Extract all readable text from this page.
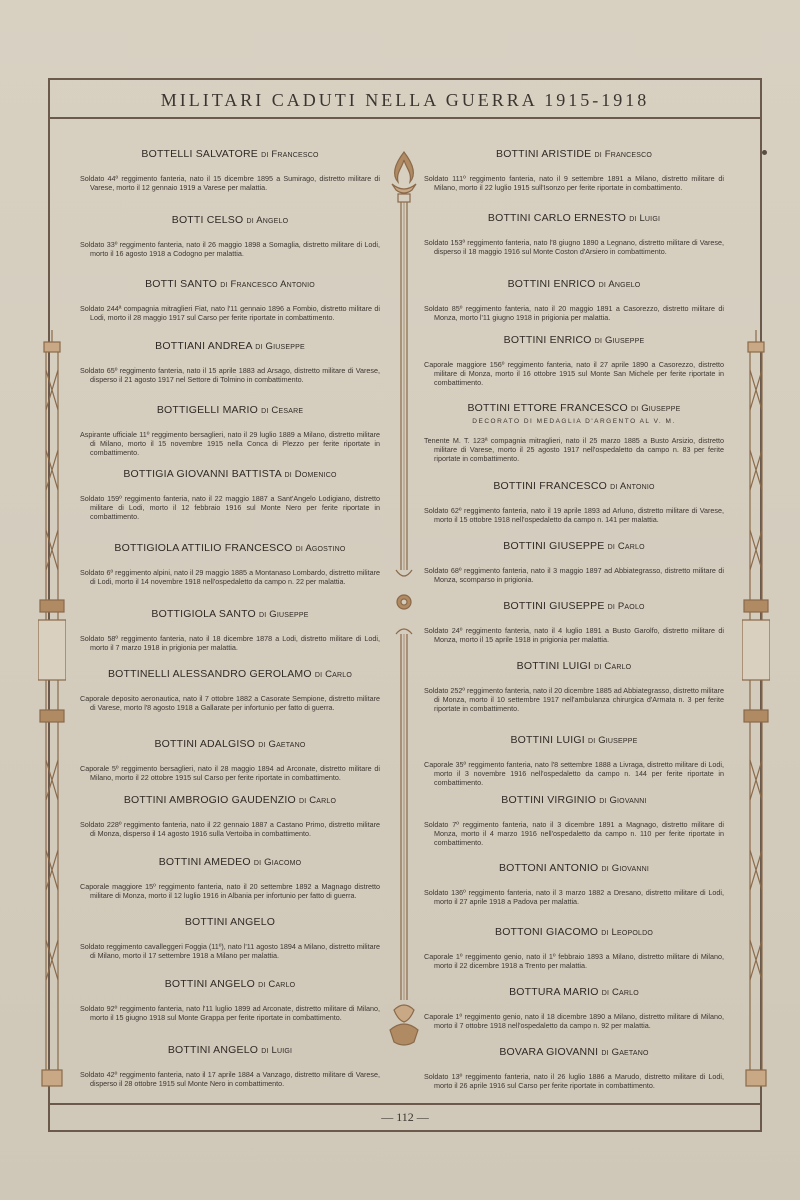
MILITARI CADUTI NELLA GUERRA 1915-1918
BOTTELLI SALVATORE di Francesco
Soldato 44º reggimento fanteria, nato il 15 dicembre 1895 a Sumirago, distretto militare di Varese, morto il 12 gennaio 1919 a Varese per malattia.
BOTTI CELSO di Angelo
Soldato 33º reggimento fanteria, nato il 26 maggio 1898 a Somaglia, distretto militare di Lodi, morto il 16 agosto 1918 a Codogno per malattia.
BOTTI SANTO di Francesco Antonio
Soldato 244ª compagnia mitraglieri Fiat, nato l'11 gennaio 1896 a Fombio, distretto militare di Lodi, morto il 28 maggio 1917 sul Carso per ferite riportate in combattimento.
BOTTIANI ANDREA di Giuseppe
Soldato 65º reggimento fanteria, nato il 15 aprile 1883 ad Arsago, distretto militare di Varese, disperso il 21 agosto 1917 nel Settore di Tolmino in combattimento.
BOTTIGELLI MARIO di Cesare
Aspirante ufficiale 11º reggimento bersaglieri, nato il 29 luglio 1889 a Milano, distretto militare di Milano, morto il 15 novembre 1915 nella Conca di Plezzo per ferite riportate in combattimento.
BOTTIGIA GIOVANNI BATTISTA di Domenico
Soldato 159º reggimento fanteria, nato il 22 maggio 1887 a Sant'Angelo Lodigiano, distretto militare di Lodi, morto il 12 febbraio 1916 sul Monte Nero per ferite riportate in combattimento.
BOTTIGIOLA ATTILIO FRANCESCO di Agostino
Soldato 6º reggimento alpini, nato il 29 maggio 1885 a Montanaso Lombardo, distretto militare di Lodi, morto il 14 novembre 1918 nell'ospedaletto da campo n. 22 per malattia.
BOTTIGIOLA SANTO di Giuseppe
Soldato 58º reggimento fanteria, nato il 18 dicembre 1878 a Lodi, distretto militare di Lodi, morto il 7 marzo 1918 in prigionia per malattia.
BOTTINELLI ALESSANDRO GEROLAMO di Carlo
Caporale deposito aeronautica, nato il 7 ottobre 1882 a Casorate Sempione, distretto militare di Varese, morto l'8 agosto 1918 a Gallarate per infortunio per fatto di guerra.
BOTTINI ADALGISO di Gaetano
Caporale 5º reggimento bersaglieri, nato il 28 maggio 1894 ad Arconate, distretto militare di Milano, morto il 22 ottobre 1915 sul Carso per ferite riportate in combattimento.
BOTTINI AMBROGIO GAUDENZIO di Carlo
Soldato 228º reggimento fanteria, nato il 22 gennaio 1887 a Castano Primo, distretto militare di Monza, disperso il 14 agosto 1916 sulla Vertoiba in combattimento.
BOTTINI AMEDEO di Giacomo
Caporale maggiore 15º reggimento fanteria, nato il 20 settembre 1892 a Magnago distretto militare di Monza, morto il 12 luglio 1916 in Albania per infortunio per fatto di guerra.
BOTTINI ANGELO
Soldato reggimento cavalleggeri Foggia (11º), nato l'11 agosto 1894 a Milano, distretto militare di Milano, morto il 17 settembre 1918 a Milano per malattia.
BOTTINI ANGELO di Carlo
Soldato 92º reggimento fanteria, nato l'11 luglio 1899 ad Arconate, distretto militare di Milano, morto il 15 giugno 1918 sul Monte Grappa per ferite riportate in combattimento.
BOTTINI ANGELO di Luigi
Soldato 42º reggimento fanteria, nato il 17 aprile 1884 a Vanzago, distretto militare di Varese, disperso il 28 ottobre 1915 sul Monte Nero in combattimento.
BOTTINI ARISTIDE di Francesco
Soldato 111º reggimento fanteria, nato il 9 settembre 1891 a Milano, distretto militare di Milano, morto il 22 luglio 1915 sull'Isonzo per ferite riportate in combattimento.
BOTTINI CARLO ERNESTO di Luigi
Soldato 153º reggimento fanteria, nato l'8 giugno 1890 a Legnano, distretto militare di Varese, disperso il 18 maggio 1916 sul Monte Coston d'Arsiero in combattimento.
BOTTINI ENRICO di Angelo
Soldato 85º reggimento fanteria, nato il 20 maggio 1891 a Casorezzo, distretto militare di Monza, morto l'11 giugno 1918 in prigionia per malattia.
BOTTINI ENRICO di Giuseppe
Caporale maggiore 156º reggimento fanteria, nato il 27 aprile 1890 a Casorezzo, distretto militare di Monza, morto il 16 ottobre 1915 sul Monte San Michele per ferite riportate in combattimento.
BOTTINI ETTORE FRANCESCO di Giuseppe
DECORATO DI MEDAGLIA D'ARGENTO AL V. M.
Tenente M. T. 123ª compagnia mitraglieri, nato il 25 marzo 1885 a Busto Arsizio, distretto militare di Varese, morto il 25 agosto 1917 nell'ospedaletto da campo n. 83 per ferite riportate in combattimento.
BOTTINI FRANCESCO di Antonio
Soldato 62º reggimento fanteria, nato il 19 aprile 1893 ad Arluno, distretto militare di Varese, morto il 15 ottobre 1918 nell'ospedaletto da campo n. 141 per malattia.
BOTTINI GIUSEPPE di Carlo
Soldato 68º reggimento fanteria, nato il 3 maggio 1897 ad Abbiategrasso, distretto militare di Monza, scomparso in prigionia.
BOTTINI GIUSEPPE di Paolo
Soldato 24º reggimento fanteria, nato il 4 luglio 1891 a Busto Garolfo, distretto militare di Monza, morto il 15 aprile 1918 in prigionia per malattia.
BOTTINI LUIGI di Carlo
Soldato 252º reggimento fanteria, nato il 20 dicembre 1885 ad Abbiategrasso, distretto militare di Monza, morto il 10 settembre 1917 nell'ambulanza chirurgica d'Armata n. 3 per ferite riportate in combattimento.
BOTTINI LUIGI di Giuseppe
Caporale 35º reggimento fanteria, nato l'8 settembre 1888 a Livraga, distretto militare di Lodi, morto il 3 novembre 1916 nell'ospedaletto da campo n. 144 per ferite riportate in combattimento.
BOTTINI VIRGINIO di Giovanni
Soldato 7º reggimento fanteria, nato il 3 dicembre 1891 a Magnago, distretto militare di Monza, morto il 4 marzo 1916 nell'ospedaletto da campo n. 110 per ferite riportate in combattimento.
BOTTONI ANTONIO di Giovanni
Soldato 136º reggimento fanteria, nato il 3 marzo 1882 a Dresano, distretto militare di Lodi, morto il 27 aprile 1918 a Padova per malattia.
BOTTONI GIACOMO di Leopoldo
Caporale 1º reggimento genio, nato il 1º febbraio 1893 a Milano, distretto militare di Milano, morto il 22 dicembre 1918 a Trento per malattia.
BOTTURA MARIO di Carlo
Caporale 1º reggimento genio, nato il 18 dicembre 1890 a Milano, distretto militare di Milano, morto il 7 ottobre 1918 nell'ospedaletto da campo n. 92 per malattia.
BOVARA GIOVANNI di Gaetano
Soldato 13º reggimento fanteria, nato il 26 luglio 1886 a Marudo, distretto militare di Lodi, morto il 26 aprile 1916 sul Carso per ferite riportate in combattimento.
— 112 —
